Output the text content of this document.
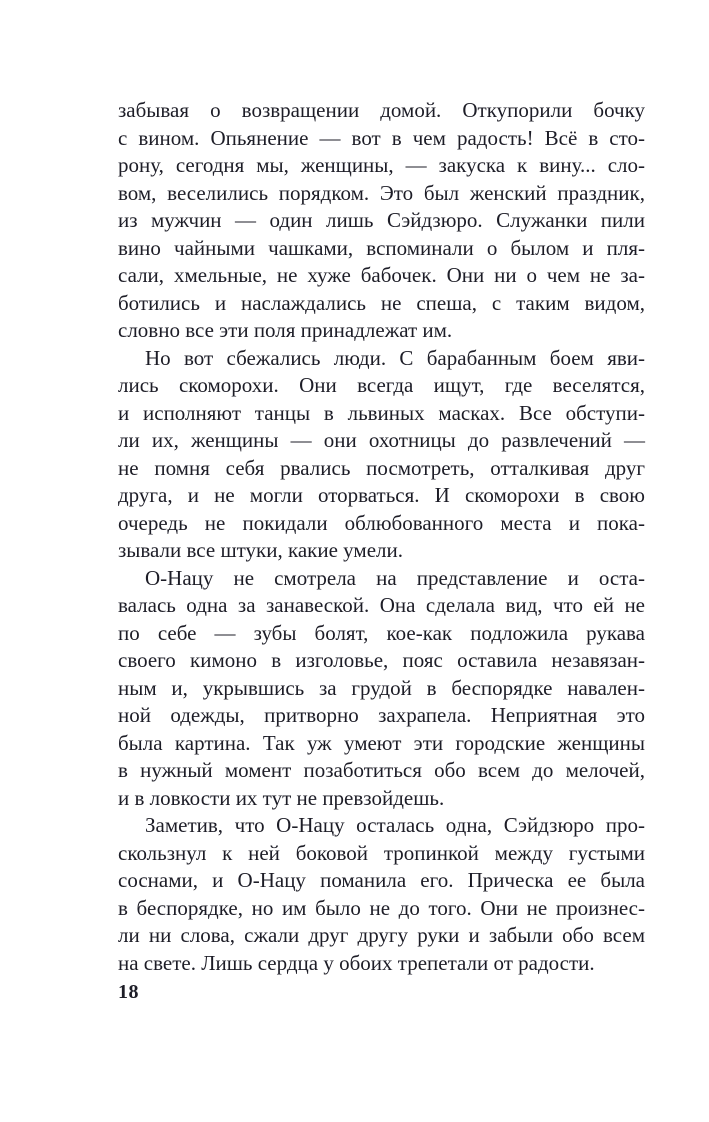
забывая о возвращении домой. Откупорили бочку
с вином. Опьянение — вот в чем радость! Всё в сто-
рону, сегодня мы, женщины, — закуска к вину... сло-
вом, веселились порядком. Это был женский праздник,
из мужчин — один лишь Сэйдзюро. Служанки пили
вино чайными чашками, вспоминали о былом и пля-
сали, хмельные, не хуже бабочек. Они ни о чем не за-
ботились и наслаждались не спеша, с таким видом,
словно все эти поля принадлежат им.
Но вот сбежались люди. С барабанным боем яви-
лись скоморохи. Они всегда ищут, где веселятся,
и исполняют танцы в львиных масках. Все обступи-
ли их, женщины — они охотницы до развлечений —
не помня себя рвались посмотреть, отталкивая друг
друга, и не могли оторваться. И скоморохи в свою
очередь не покидали облюбованного места и пока-
зывали все штуки, какие умели.
О-Нацу не смотрела на представление и оста-
валась одна за занавеской. Она сделала вид, что ей не
по себе — зубы болят, кое-как подложила рукава
своего кимоно в изголовье, пояс оставила незавязан-
ным и, укрывшись за грудой в беспорядке навален-
ной одежды, притворно захрапела. Неприятная это
была картина. Так уж умеют эти городские женщины
в нужный момент позаботиться обо всем до мелочей,
и в ловкости их тут не превзойдешь.
Заметив, что О-Нацу осталась одна, Сэйдзюро про-
скользнул к ней боковой тропинкой между густыми
соснами, и О-Нацу поманила его. Прическа ее была
в беспорядке, но им было не до того. Они не произнес-
ли ни слова, сжали друг другу руки и забыли обо всем
на свете. Лишь сердца у обоих трепетали от радости.
18
